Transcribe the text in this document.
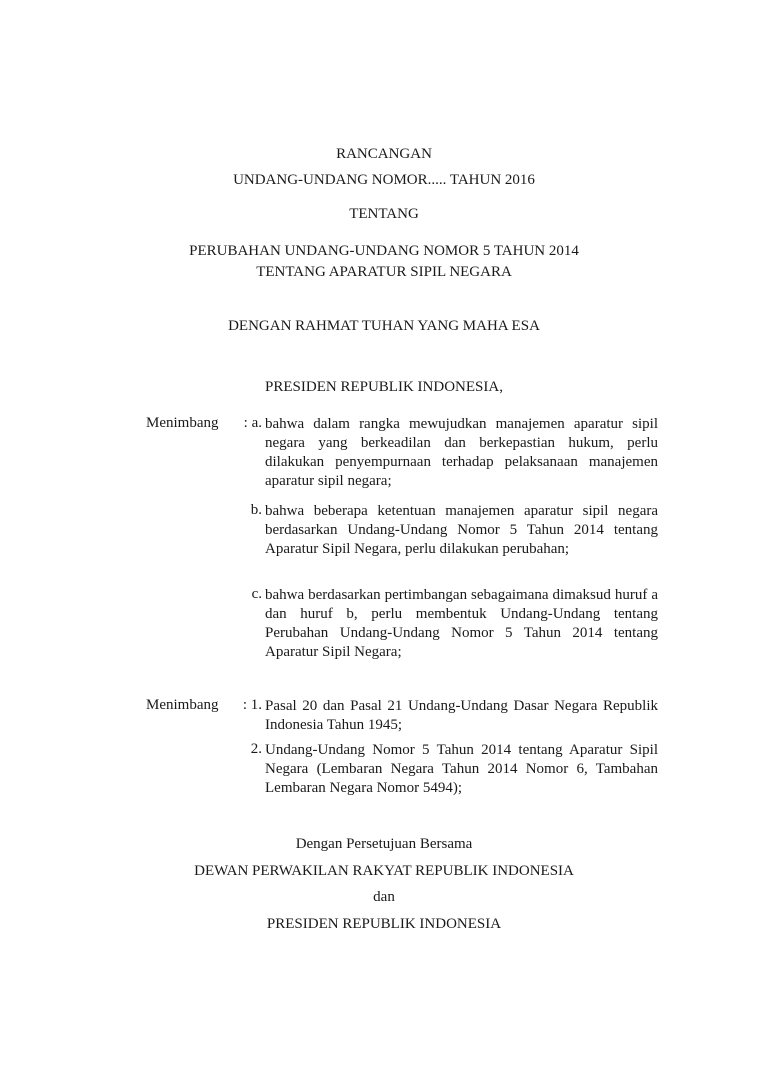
RANCANGAN
UNDANG-UNDANG NOMOR..... TAHUN 2016
TENTANG
PERUBAHAN UNDANG-UNDANG NOMOR 5 TAHUN 2014
TENTANG APARATUR SIPIL NEGARA
DENGAN RAHMAT TUHAN YANG MAHA ESA
PRESIDEN REPUBLIK INDONESIA,
Menimbang	: a. bahwa dalam rangka mewujudkan manajemen aparatur sipil negara yang berkeadilan dan berkepastian hukum, perlu dilakukan penyempurnaan terhadap pelaksanaan manajemen aparatur sipil negara;
b. bahwa beberapa ketentuan manajemen aparatur sipil negara berdasarkan Undang-Undang Nomor 5 Tahun 2014 tentang Aparatur Sipil Negara, perlu dilakukan perubahan;
c. bahwa berdasarkan pertimbangan sebagaimana dimaksud huruf a dan huruf b, perlu membentuk Undang-Undang tentang Perubahan Undang-Undang Nomor 5 Tahun 2014 tentang Aparatur Sipil Negara;
Menimbang	: 1. Pasal 20 dan Pasal 21 Undang-Undang Dasar Negara Republik Indonesia Tahun 1945;
2. Undang-Undang Nomor 5 Tahun 2014 tentang Aparatur Sipil Negara (Lembaran Negara Tahun 2014 Nomor 6, Tambahan Lembaran Negara Nomor 5494);
Dengan Persetujuan Bersama
DEWAN PERWAKILAN RAKYAT REPUBLIK INDONESIA
dan
PRESIDEN REPUBLIK INDONESIA
